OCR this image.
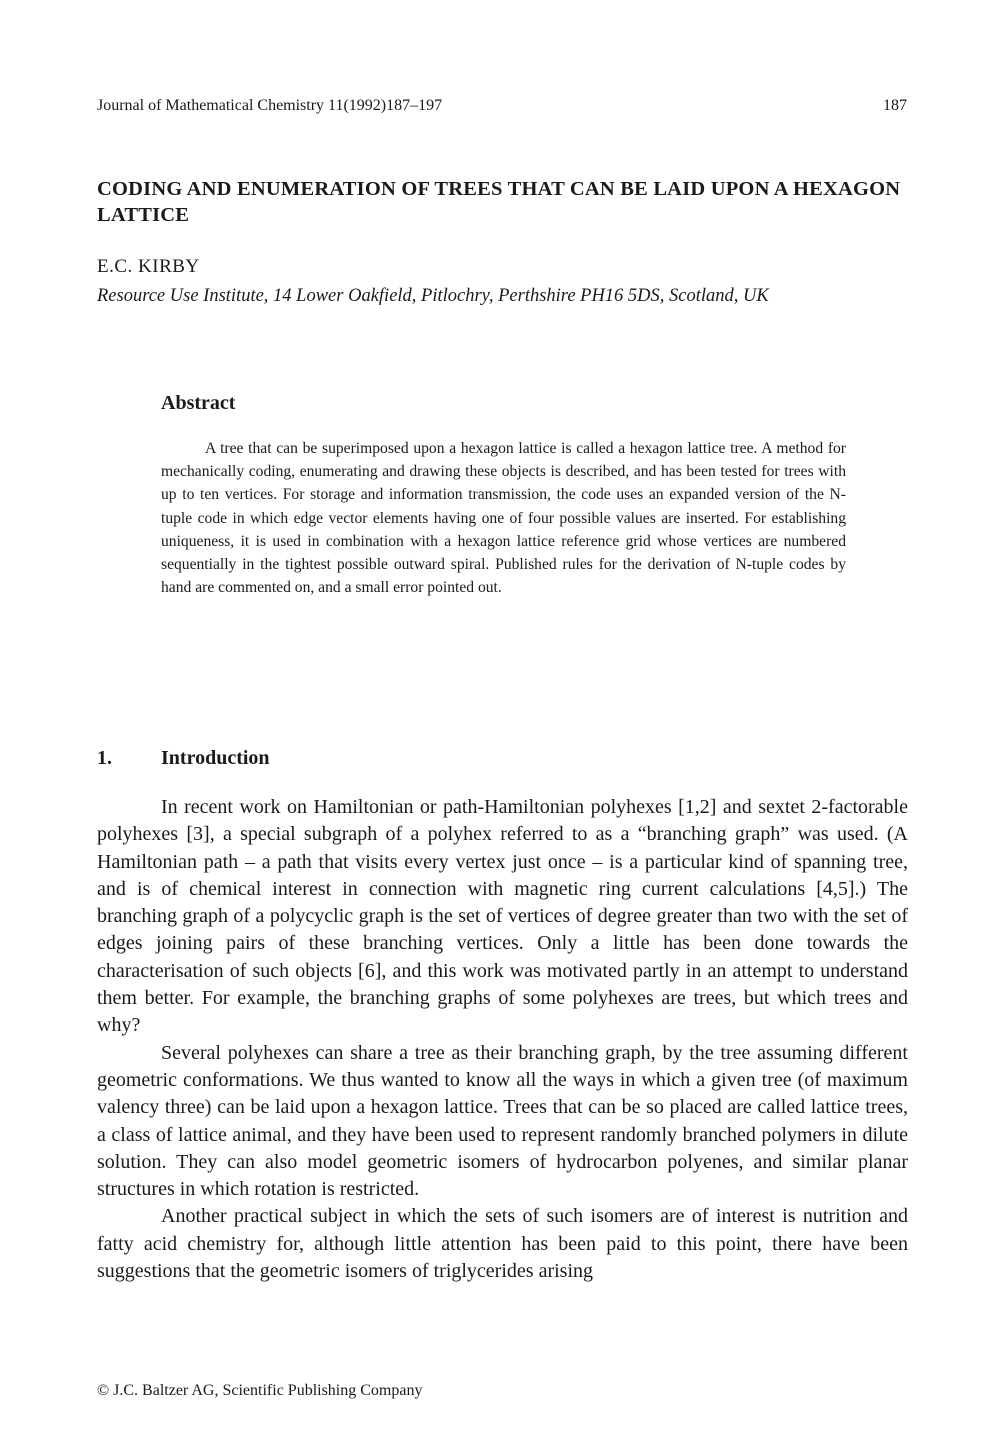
Journal of Mathematical Chemistry 11(1992)187–197	187
CODING AND ENUMERATION OF TREES THAT CAN BE LAID UPON A HEXAGON LATTICE
E.C. KIRBY
Resource Use Institute, 14 Lower Oakfield, Pitlochry, Perthshire PH16 5DS, Scotland, UK
Abstract

A tree that can be superimposed upon a hexagon lattice is called a hexagon lattice tree. A method for mechanically coding, enumerating and drawing these objects is described, and has been tested for trees with up to ten vertices. For storage and information transmission, the code uses an expanded version of the N-tuple code in which edge vector elements having one of four possible values are inserted. For establishing uniqueness, it is used in combination with a hexagon lattice reference grid whose vertices are numbered sequentially in the tightest possible outward spiral. Published rules for the derivation of N-tuple codes by hand are commented on, and a small error pointed out.

1. Introduction

In recent work on Hamiltonian or path-Hamiltonian polyhexes [1,2] and sextet 2-factorable polyhexes [3], a special subgraph of a polyhex referred to as a “branching graph” was used. (A Hamiltonian path – a path that visits every vertex just once – is a particular kind of spanning tree, and is of chemical interest in connection with magnetic ring current calculations [4,5].) The branching graph of a polycyclic graph is the set of vertices of degree greater than two with the set of edges joining pairs of these branching vertices. Only a little has been done towards the characterisation of such objects [6], and this work was motivated partly in an attempt to understand them better. For example, the branching graphs of some polyhexes are trees, but which trees and why?

Several polyhexes can share a tree as their branching graph, by the tree assuming different geometric conformations. We thus wanted to know all the ways in which a given tree (of maximum valency three) can be laid upon a hexagon lattice. Trees that can be so placed are called lattice trees, a class of lattice animal, and they have been used to represent randomly branched polymers in dilute solution. They can also model geometric isomers of hydrocarbon polyenes, and similar planar structures in which rotation is restricted.

Another practical subject in which the sets of such isomers are of interest is nutrition and fatty acid chemistry for, although little attention has been paid to this point, there have been suggestions that the geometric isomers of triglycerides arising

© J.C. Baltzer AG, Scientific Publishing Company
